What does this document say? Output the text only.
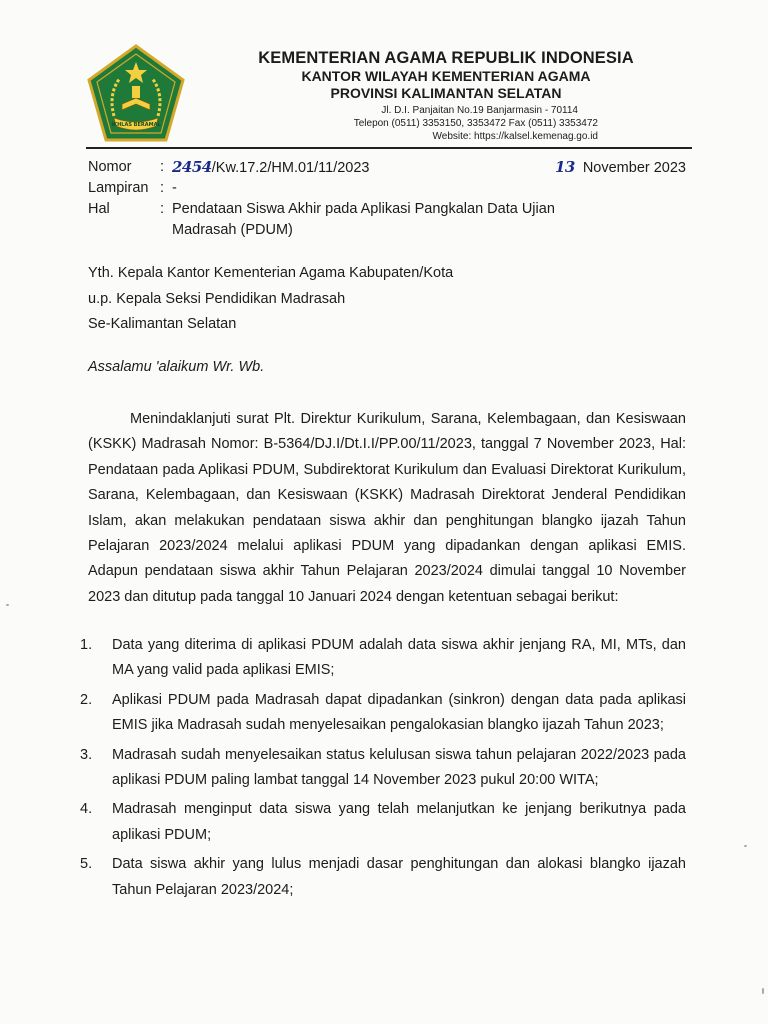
IKHLAS BERAMAL
KEMENTERIAN AGAMA REPUBLIK INDONESIA
KANTOR WILAYAH KEMENTERIAN AGAMA
PROVINSI KALIMANTAN SELATAN
Jl. D.I. Panjaitan No.19 Banjarmasin - 70114
Telepon (0511) 3353150, 3353472 Fax (0511) 3353472
Website: https://kalsel.kemenag.go.id
Nomor : 2454/Kw.17.2/HM.01/11/2023	13 November 2023
Lampiran : -
Hal	: Pendataan Siswa Akhir pada Aplikasi Pangkalan Data Ujian Madrasah (PDUM)
Yth. Kepala Kantor Kementerian Agama Kabupaten/Kota
u.p. Kepala Seksi Pendidikan Madrasah
Se-Kalimantan Selatan
Assalamu 'alaikum Wr. Wb.

Menindaklanjuti surat Plt. Direktur Kurikulum, Sarana, Kelembagaan, dan Kesiswaan (KSKK) Madrasah Nomor: B-5364/DJ.I/Dt.I.I/PP.00/11/2023, tanggal 7 November 2023, Hal: Pendataan pada Aplikasi PDUM, Subdirektorat Kurikulum dan Evaluasi Direktorat Kurikulum, Sarana, Kelembagaan, dan Kesiswaan (KSKK) Madrasah Direktorat Jenderal Pendidikan Islam, akan melakukan pendataan siswa akhir dan penghitungan blangko ijazah Tahun Pelajaran 2023/2024 melalui aplikasi PDUM yang dipadankan dengan aplikasi EMIS. Adapun pendataan siswa akhir Tahun Pelajaran 2023/2024 dimulai tanggal 10 November 2023 dan ditutup pada tanggal 10 Januari 2024 dengan ketentuan sebagai berikut:

1. Data yang diterima di aplikasi PDUM adalah data siswa akhir jenjang RA, MI, MTs, dan MA yang valid pada aplikasi EMIS;
2. Aplikasi PDUM pada Madrasah dapat dipadankan (sinkron) dengan data pada aplikasi EMIS jika Madrasah sudah menyelesaikan pengalokasian blangko ijazah Tahun 2023;
3. Madrasah sudah menyelesaikan status kelulusan siswa tahun pelajaran 2022/2023 pada aplikasi PDUM paling lambat tanggal 14 November 2023 pukul 20:00 WITA;
4. Madrasah menginput data siswa yang telah melanjutkan ke jenjang berikutnya pada aplikasi PDUM;
5. Data siswa akhir yang lulus menjadi dasar penghitungan dan alokasi blangko ijazah Tahun Pelajaran 2023/2024;
